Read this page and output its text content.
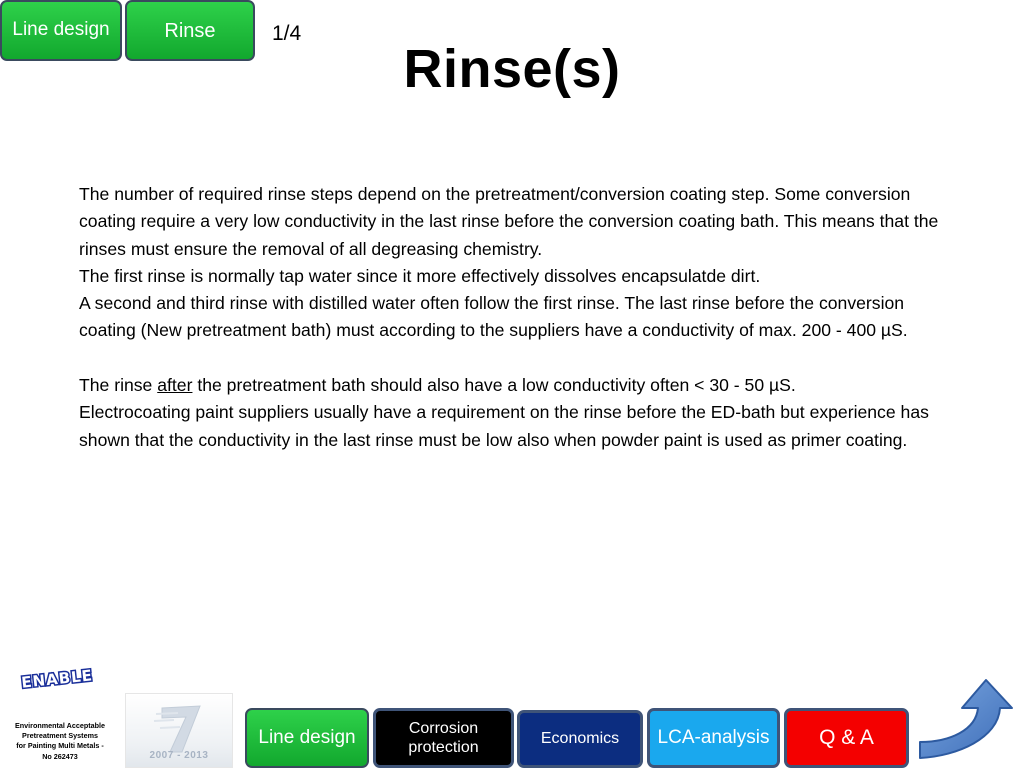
Line design	Rinse	1/4
Rinse(s)

The number of required rinse steps depend on the pretreatment/conversion coating step. Some conversion coating require a very low conductivity in the last rinse before the conversion coating bath. This means that the rinses must ensure the removal of all degreasing chemistry.

The first rinse is normally tap water since it more effectively dissolves encapsulatde dirt.

A second and third rinse with distilled water often follow the first rinse. The last rinse before the conversion coating (New pretreatment bath) must according to the suppliers have a conductivity of max. 200 - 400 µS.

The rinse after the pretreatment bath should also have a low conductivity often < 30 - 50 µS.

Electrocoating paint suppliers usually have a requirement on the rinse before the ED-bath but experience has shown that the conductivity in the last rinse must be low also when powder paint is used as primer coating.

ENABLE
Environmental Acceptable
Pretreatment Systems
for Painting Multi Metals -
No 262473	2007 - 2013
Line design	Corrosion protection
Economics LCA-analysis Q & A
